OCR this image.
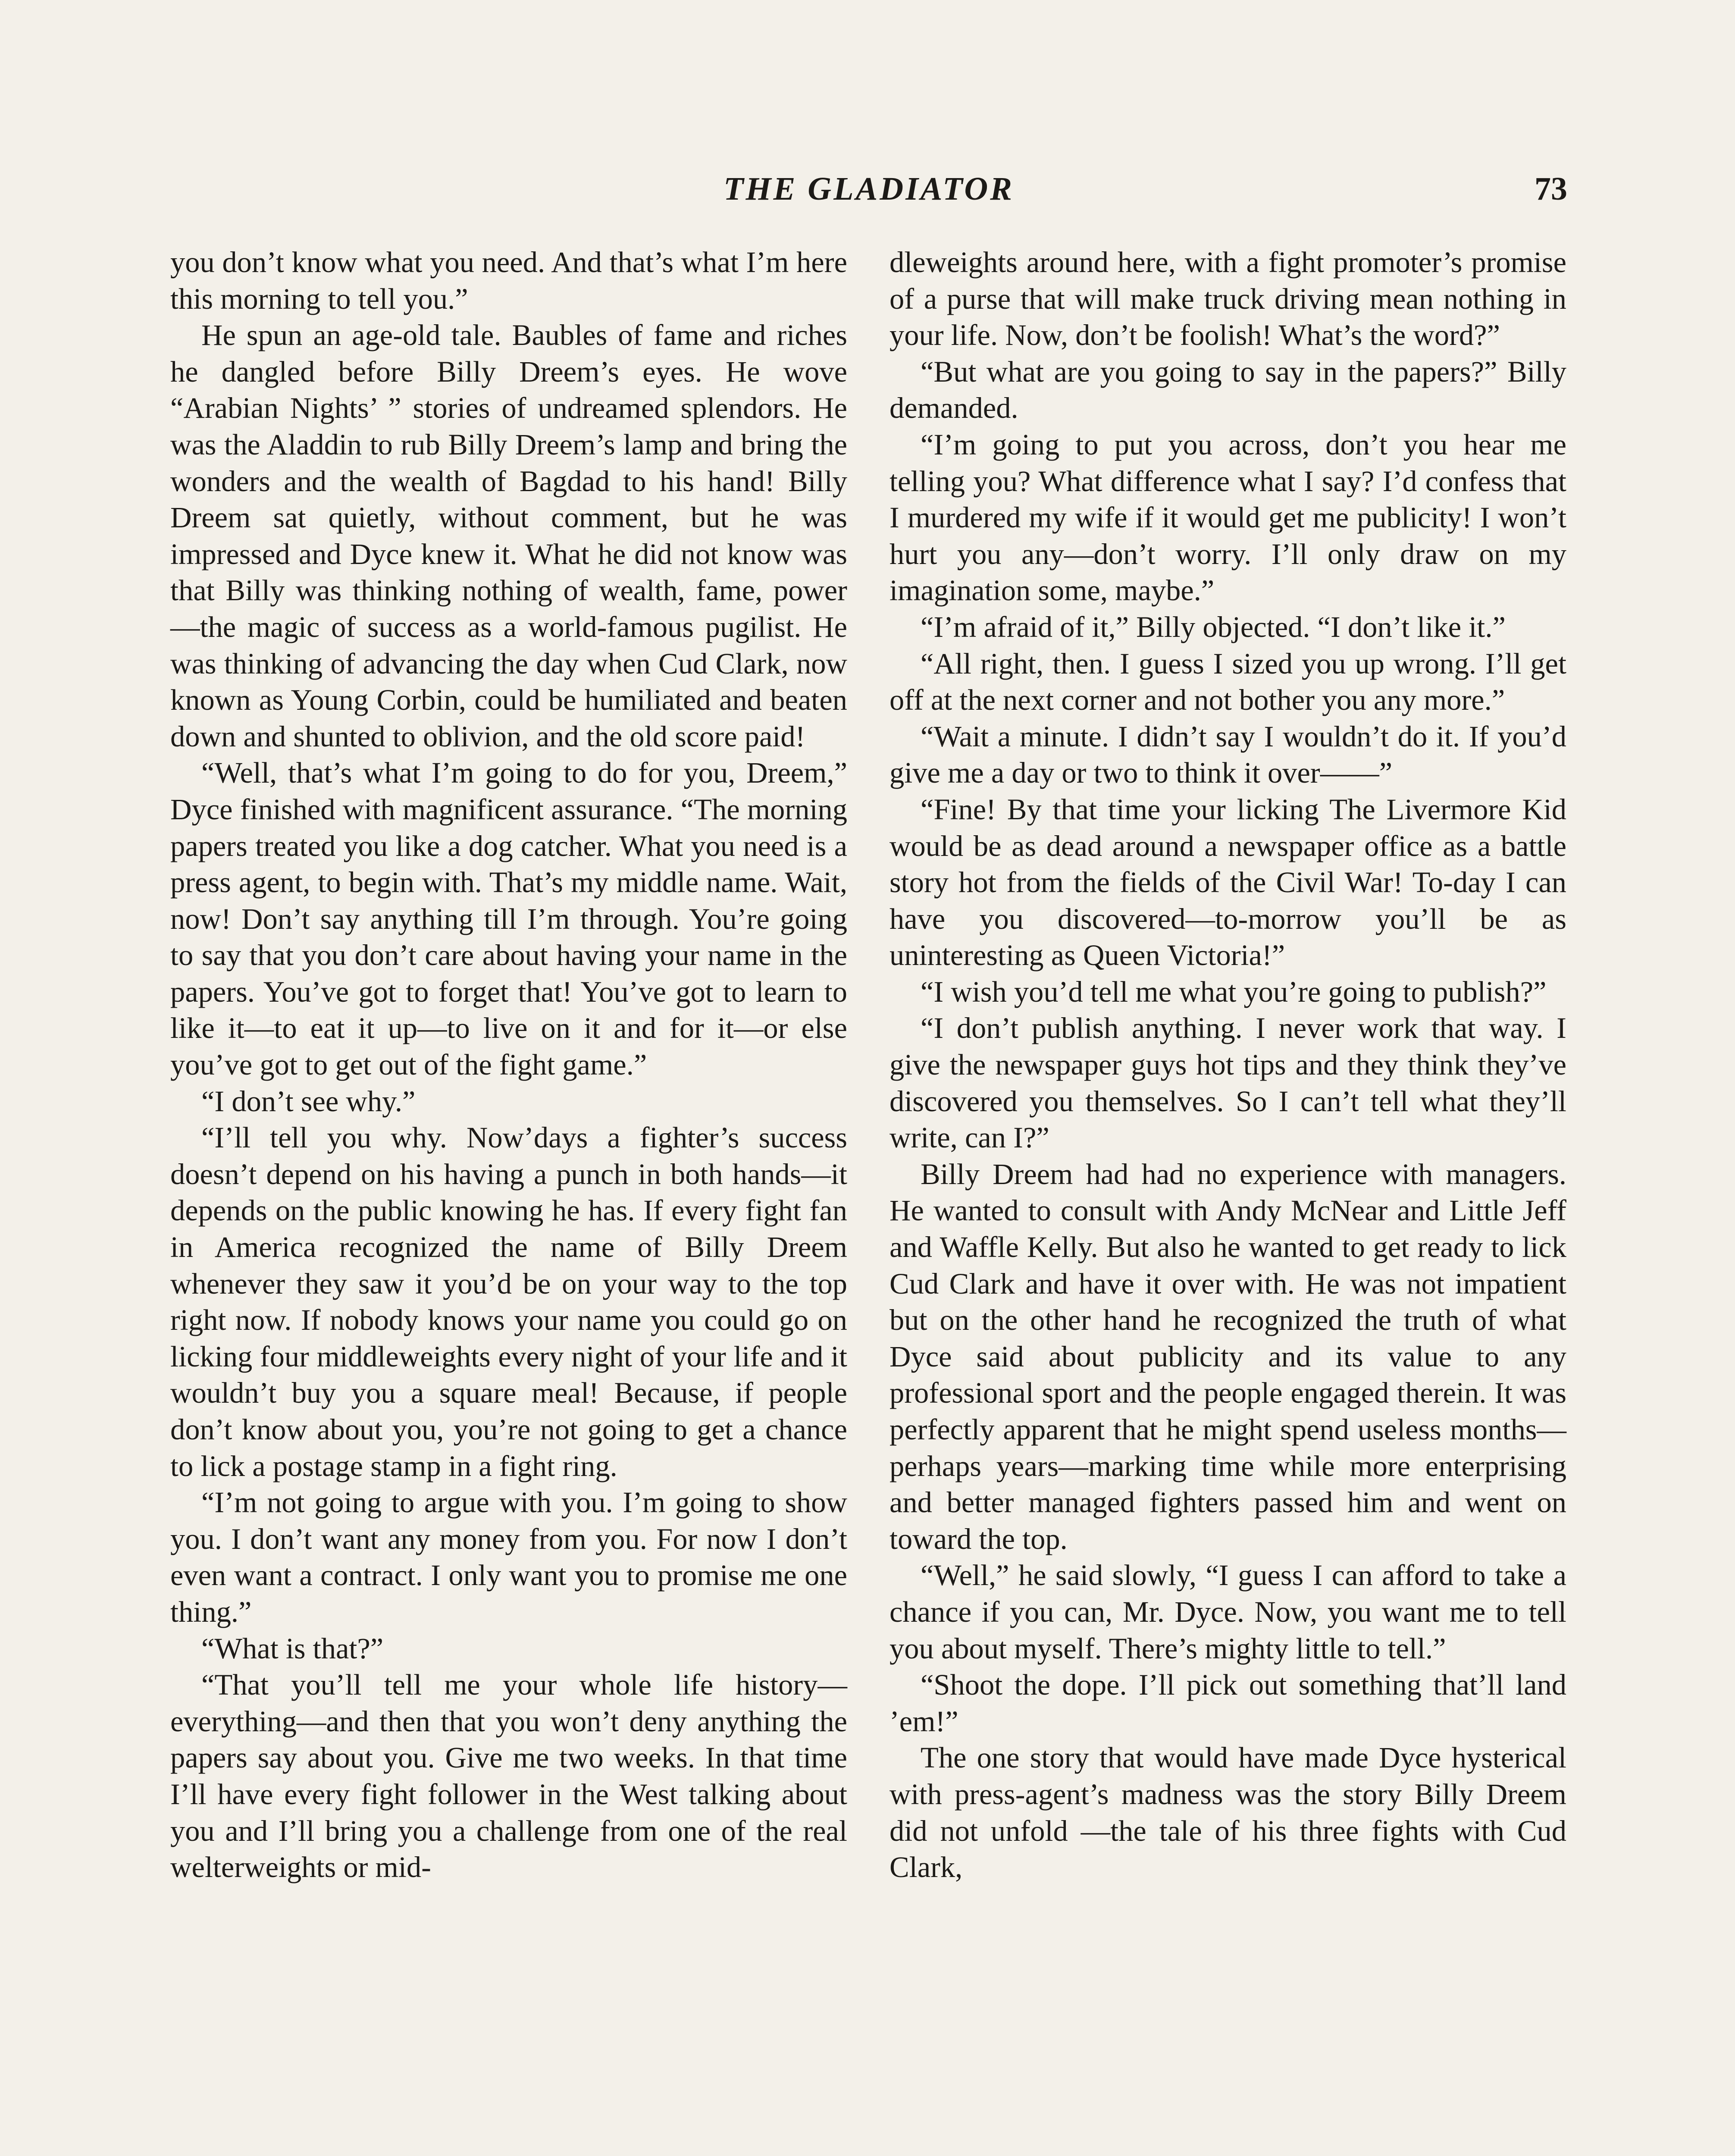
THE GLADIATOR	73

you don’t know what you need. And that’s what I’m here this morning to tell you.”

He spun an age-old tale. Baubles of fame and riches he dangled before Billy Dreem’s eyes. He wove “Arabian Nights’ ” stories of undreamed splendors. He was the Aladdin to rub Billy Dreem’s lamp and bring the wonders and the wealth of Bagdad to his hand! Billy Dreem sat quietly, without comment, but he was impressed and Dyce knew it. What he did not know was that Billy was thinking nothing of wealth, fame, power—the magic of success as a world-famous pugilist. He was thinking of advancing the day when Cud Clark, now known as Young Corbin, could be humiliated and beaten down and shunted to oblivion, and the old score paid!

“Well, that’s what I’m going to do for you, Dreem,” Dyce finished with magnificent assurance. “The morning papers treated you like a dog catcher. What you need is a press agent, to begin with. That’s my middle name. Wait, now! Don’t say anything till I’m through. You’re going to say that you don’t care about having your name in the papers. You’ve got to forget that! You’ve got to learn to like it—to eat it up—to live on it and for it—or else you’ve got to get out of the fight game.”

“I don’t see why.”

“I’ll tell you why. Now’days a fighter’s success doesn’t depend on his having a punch in both hands—it depends on the public knowing he has. If every fight fan in America recognized the name of Billy Dreem whenever they saw it you’d be on your way to the top right now. If nobody knows your name you could go on licking four middleweights every night of your life and it wouldn’t buy you a square meal! Because, if people don’t know about you, you’re not going to get a chance to lick a postage stamp in a fight ring.

“I’m not going to argue with you. I’m going to show you. I don’t want any money from you. For now I don’t even want a contract. I only want you to promise me one thing.”

“What is that?”

“That you’ll tell me your whole life history—everything—and then that you won’t deny anything the papers say about you. Give me two weeks. In that time I’ll have every fight follower in the West talking about you and I’ll bring you a challenge from one of the real welterweights or mid-

dleweights around here, with a fight promoter’s promise of a purse that will make truck driving mean nothing in your life. Now, don’t be foolish! What’s the word?”

“But what are you going to say in the papers?” Billy demanded.

“I’m going to put you across, don’t you hear me telling you? What difference what I say? I’d confess that I murdered my wife if it would get me publicity! I won’t hurt you any—don’t worry. I’ll only draw on my imagination some, maybe.”

“I’m afraid of it,” Billy objected. “I don’t like it.”

“All right, then. I guess I sized you up wrong. I’ll get off at the next corner and not bother you any more.”

“Wait a minute. I didn’t say I wouldn’t do it. If you’d give me a day or two to think it over——”

“Fine! By that time your licking The Livermore Kid would be as dead around a newspaper office as a battle story hot from the fields of the Civil War! To-day I can have you discovered—to-morrow you’ll be as uninteresting as Queen Victoria!”

“I wish you’d tell me what you’re going to publish?”

“I don’t publish anything. I never work that way. I give the newspaper guys hot tips and they think they’ve discovered you themselves. So I can’t tell what they’ll write, can I?”

Billy Dreem had had no experience with managers. He wanted to consult with Andy McNear and Little Jeff and Waffle Kelly. But also he wanted to get ready to lick Cud Clark and have it over with. He was not impatient but on the other hand he recognized the truth of what Dyce said about publicity and its value to any professional sport and the people engaged therein. It was perfectly apparent that he might spend useless months—perhaps years—marking time while more enterprising and better managed fighters passed him and went on toward the top.

“Well,” he said slowly, “I guess I can afford to take a chance if you can, Mr. Dyce. Now, you want me to tell you about myself. There’s mighty little to tell.”

“Shoot the dope. I’ll pick out something that’ll land ’em!”

The one story that would have made Dyce hysterical with press-agent’s madness was the story Billy Dreem did not unfold —the tale of his three fights with Cud Clark,
